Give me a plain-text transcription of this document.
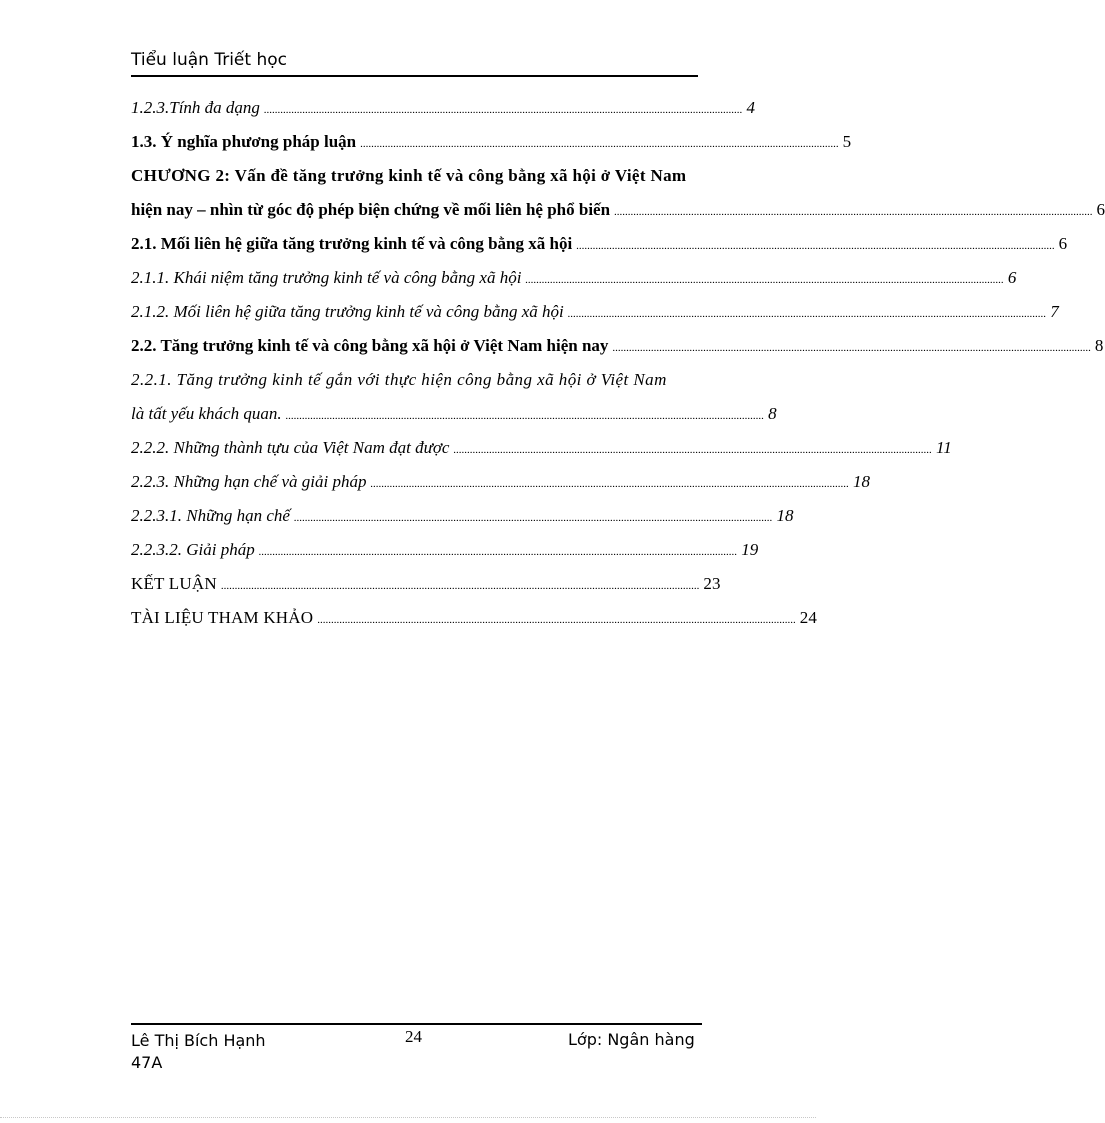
Tiểu luận Triết học
1.2.3.Tính đa dạng .............................................................................................................................................................................. 4
1.3. Ý nghĩa phương pháp luận .............................................................................................................................................................................. 5
CHƯƠNG 2: Vấn đề tăng trưởng kinh tế và công bằng xã hội ở Việt Nam
hiện nay – nhìn từ góc độ phép biện chứng về mối liên hệ phổ biến .............................................................................................................................................................................. 6
2.1. Mối liên hệ giữa tăng trưởng kinh tế và công bằng xã hội .............................................................................................................................................................................. 6
2.1.1. Khái niệm tăng trưởng kinh tế và công bằng xã hội .............................................................................................................................................................................. 6
2.1.2. Mối liên hệ giữa tăng trưởng kinh tế và công bằng xã hội .............................................................................................................................................................................. 7
2.2. Tăng trưởng kinh tế và công bằng xã hội ở Việt Nam hiện nay .............................................................................................................................................................................. 8
2.2.1. Tăng trưởng kinh tế gắn với thực hiện công bằng xã hội ở Việt Nam
là tất yếu khách quan. .............................................................................................................................................................................. 8
2.2.2. Những thành tựu của Việt Nam đạt được .............................................................................................................................................................................. 11
2.2.3. Những hạn chế và giải pháp .............................................................................................................................................................................. 18
2.2.3.1. Những hạn chế .............................................................................................................................................................................. 18
2.2.3.2. Giải pháp .............................................................................................................................................................................. 19
KẾT LUẬN .............................................................................................................................................................................. 23
TÀI LIỆU THAM KHẢO .............................................................................................................................................................................. 24
Lê Thị Bích Hạnh
47A
24	Lớp: Ngân hàng
